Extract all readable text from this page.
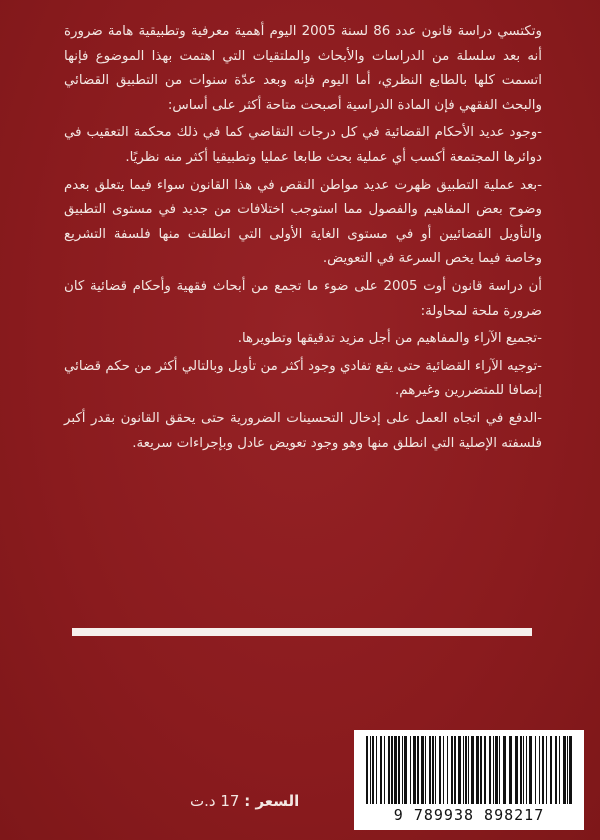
وتكتسي دراسة قانون عدد 86 لسنة 2005 اليوم أهمية معرفية وتطبيقية هامة ضرورة أنه بعد سلسلة من الدراسات والأبحاث والملتقيات التي اهتمت بهذا الموضوع فإنها اتسمت كلها بالطابع النظري، أما اليوم فإنه وبعد عدّة سنوات من التطبيق القضائي والبحث الفقهي فإن المادة الدراسية أصبحت متاحة أكثر على أساس:

-وجود عديد الأحكام القضائية في كل درجات التقاضي كما في ذلك محكمة التعقيب في دوائرها المجتمعة أكسب أي عملية بحث طابعا عمليا وتطبيقيا أكثر منه نظريًا.

-بعد عملية التطبيق ظهرت عديد مواطن النقص في هذا القانون سواء فيما يتعلق بعدم وضوح بعض المفاهيم والفصول مما استوجب اختلافات من جديد في مستوى التطبيق والتأويل القضائيين أو في مستوى الغاية الأولى التي انطلقت منها فلسفة التشريع وخاصة فيما يخص السرعة في التعويض.

أن دراسة قانون أوت 2005 على ضوء ما تجمع من أبحاث فقهية وأحكام قضائية كان ضرورة ملحة لمحاولة:

-تجميع الآراء والمفاهيم من أجل مزيد تدقيقها وتطويرها.

-توجيه الآراء القضائية حتى يقع تفادي وجود أكثر من تأويل وبالتالي أكثر من حكم قضائي إنصافا للمتضررين وغيرهم.

-الدفع في اتجاه العمل على إدخال التحسينات الضرورية حتى يحقق القانون بقدر أكبر فلسفته الإصلية التي انطلق منها وهو وجود تعويض عادل وبإجراءات سريعة.

السعر : 17 د.ت
9 789938 898217
